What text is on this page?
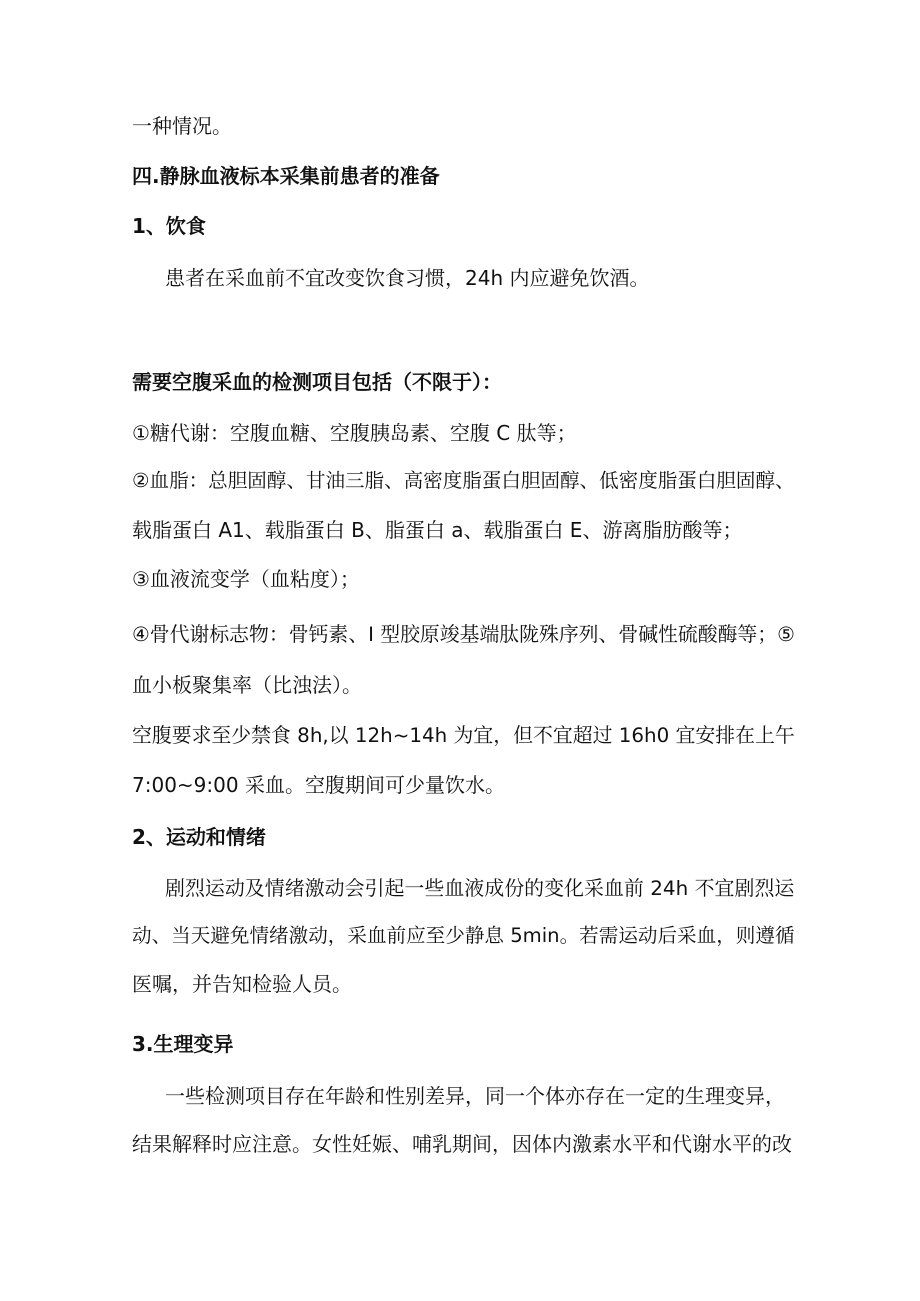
一种情况。
四.静脉血液标本采集前患者的准备
1、饮食
患者在采血前不宜改变饮食习惯，24h 内应避免饮酒。
需要空腹采血的检测项目包括（不限于）：
①糖代谢：空腹血糖、空腹胰岛素、空腹 C 肽等；
②血脂：总胆固醇、甘油三脂、高密度脂蛋白胆固醇、低密度脂蛋白胆固醇、
载脂蛋白 A1、载脂蛋白 B、脂蛋白 a、载脂蛋白 E、游离脂肪酸等；
③血液流变学（血粘度）；
④骨代谢标志物：骨钙素、I 型胶原竣基端肽陇殊序列、骨碱性硫酸酶等；⑤
血小板聚集率（比浊法）。
空腹要求至少禁食 8h,以 12h~14h 为宜，但不宜超过 16h0 宜安排在上午
7:00~9:00 采血。空腹期间可少量饮水。
2、运动和情绪
剧烈运动及情绪激动会引起一些血液成份的变化采血前 24h 不宜剧烈运
动、当天避免情绪激动，采血前应至少静息 5min。若需运动后采血，则遵循
医嘱，并告知检验人员。
3.生理变异
一些检测项目存在年龄和性别差异，同一个体亦存在一定的生理变异，
结果解释时应注意。女性妊娠、哺乳期间，因体内激素水平和代谢水平的改
